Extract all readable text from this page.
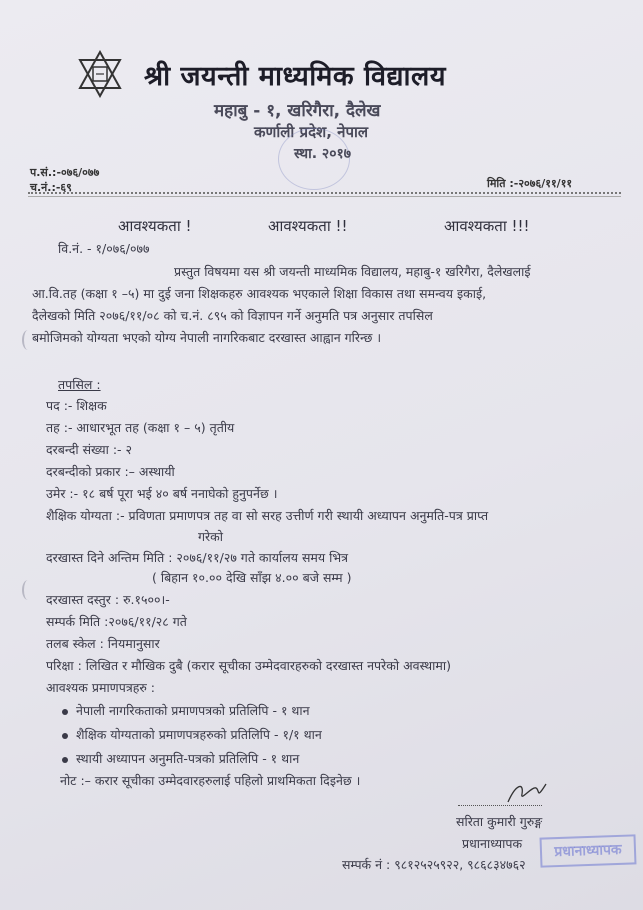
श्री जयन्ती माध्यमिक विद्यालय
महाबु - १, खरिगैरा, दैलेख
कर्णाली प्रदेश, नेपाल
स्था. २०१७
प.सं.:-०७६/०७७
च.नं.:-६९	मिति :-२०७६/११/११
आवश्यकता !	आवश्यकता !!	आवश्यकता !!!
वि.नं. - १/०७६/०७७
प्रस्तुत विषयमा यस श्री जयन्ती माध्यमिक विद्यालय, महाबु-१ खरिगैरा, दैलेखलाई
आ.वि.तह (कक्षा १ –५) मा दुई जना शिक्षकहरु आवश्यक भएकाले शिक्षा विकास तथा समन्वय इकाई,
दैलेखको मिति २०७६/११/०८ को च.नं. ८९५ को विज्ञापन गर्ने अनुमति पत्र अनुसार तपसिल
बमोजिमको योग्यता भएको योग्य नेपाली नागरिकबाट दरखास्त आह्वान गरिन्छ ।
तपसिल :
पद :- शिक्षक
तह :- आधारभूत तह (कक्षा १ – ५) तृतीय
दरबन्दी संख्या :- २
दरबन्दीको प्रकार :– अस्थायी
उमेर :- १८ बर्ष पूरा भई ४० बर्ष ननाघेको हुनुपर्नेछ ।
शैक्षिक योग्यता :- प्रविणता प्रमाणपत्र तह वा सो सरह उत्तीर्ण गरी स्थायी अध्यापन अनुमति-पत्र प्राप्त
गरेको
दरखास्त दिने अन्तिम मिति : २०७६/११/२७ गते कार्यालय समय भित्र
( बिहान १०.०० देखि साँझ ४.०० बजे सम्म )
दरखास्त दस्तुर : रु.१५००।-
सम्पर्क मिति :२०७६/११/२८ गते
तलब स्केल : नियमानुसार
परिक्षा : लिखित र मौखिक दुबै (करार सूचीका उम्मेदवारहरुको दरखास्त नपरेको अवस्थामा)
आवश्यक प्रमाणपत्रहरु :
नेपाली नागरिकताको प्रमाणपत्रको प्रतिलिपि - १ थान
शैक्षिक योग्यताको प्रमाणपत्रहरुको प्रतिलिपि - १/१ थान
स्थायी अध्यापन अनुमति-पत्रको प्रतिलिपि - १ थान
नोट :– करार सूचीका उम्मेदवारहरुलाई पहिलो प्राथमिकता दिइनेछ ।
सरिता कुमारी गुरुङ्ग
प्रधानाध्यापक	प्रधानाध्यापक
सम्पर्क नं : ९८१२५२५९२२, ९८६८३४७६२
